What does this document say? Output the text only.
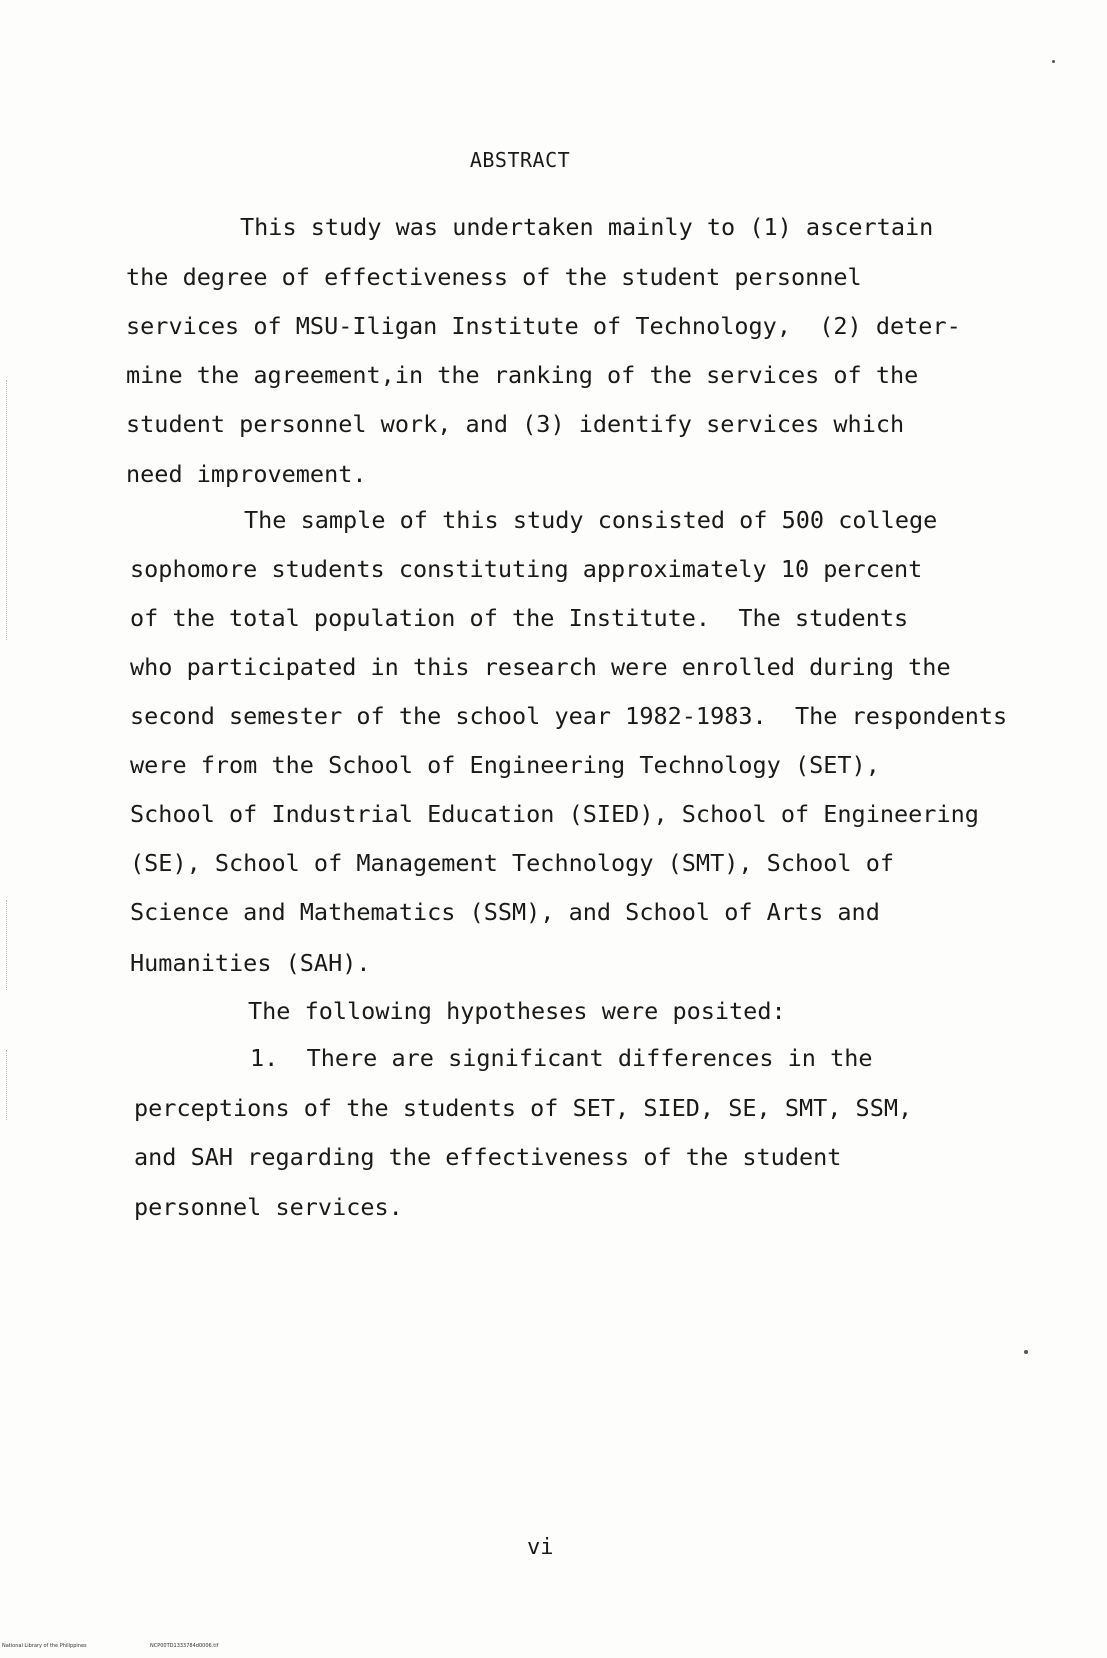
ABSTRACT
This study was undertaken mainly to (1) ascertain
the degree of effectiveness of the student personnel
services of MSU-Iligan Institute of Technology,  (2) deter-
mine the agreement,in the ranking of the services of the
student personnel work, and (3) identify services which
need improvement.
The sample of this study consisted of 500 college
sophomore students constituting approximately 10 percent
of the total population of the Institute.  The students
who participated in this research were enrolled during the
second semester of the school year 1982-1983.  The respondents
were from the School of Engineering Technology (SET),
School of Industrial Education (SIED), School of Engineering
(SE), School of Management Technology (SMT), School of
Science and Mathematics (SSM), and School of Arts and
Humanities (SAH).
The following hypotheses were posited:
1.  There are significant differences in the
perceptions of the students of SET, SIED, SE, SMT, SSM,
and SAH regarding the effectiveness of the student
personnel services.
vi
National Library of the Philippines	NCP00TD1333784d0006.tif
